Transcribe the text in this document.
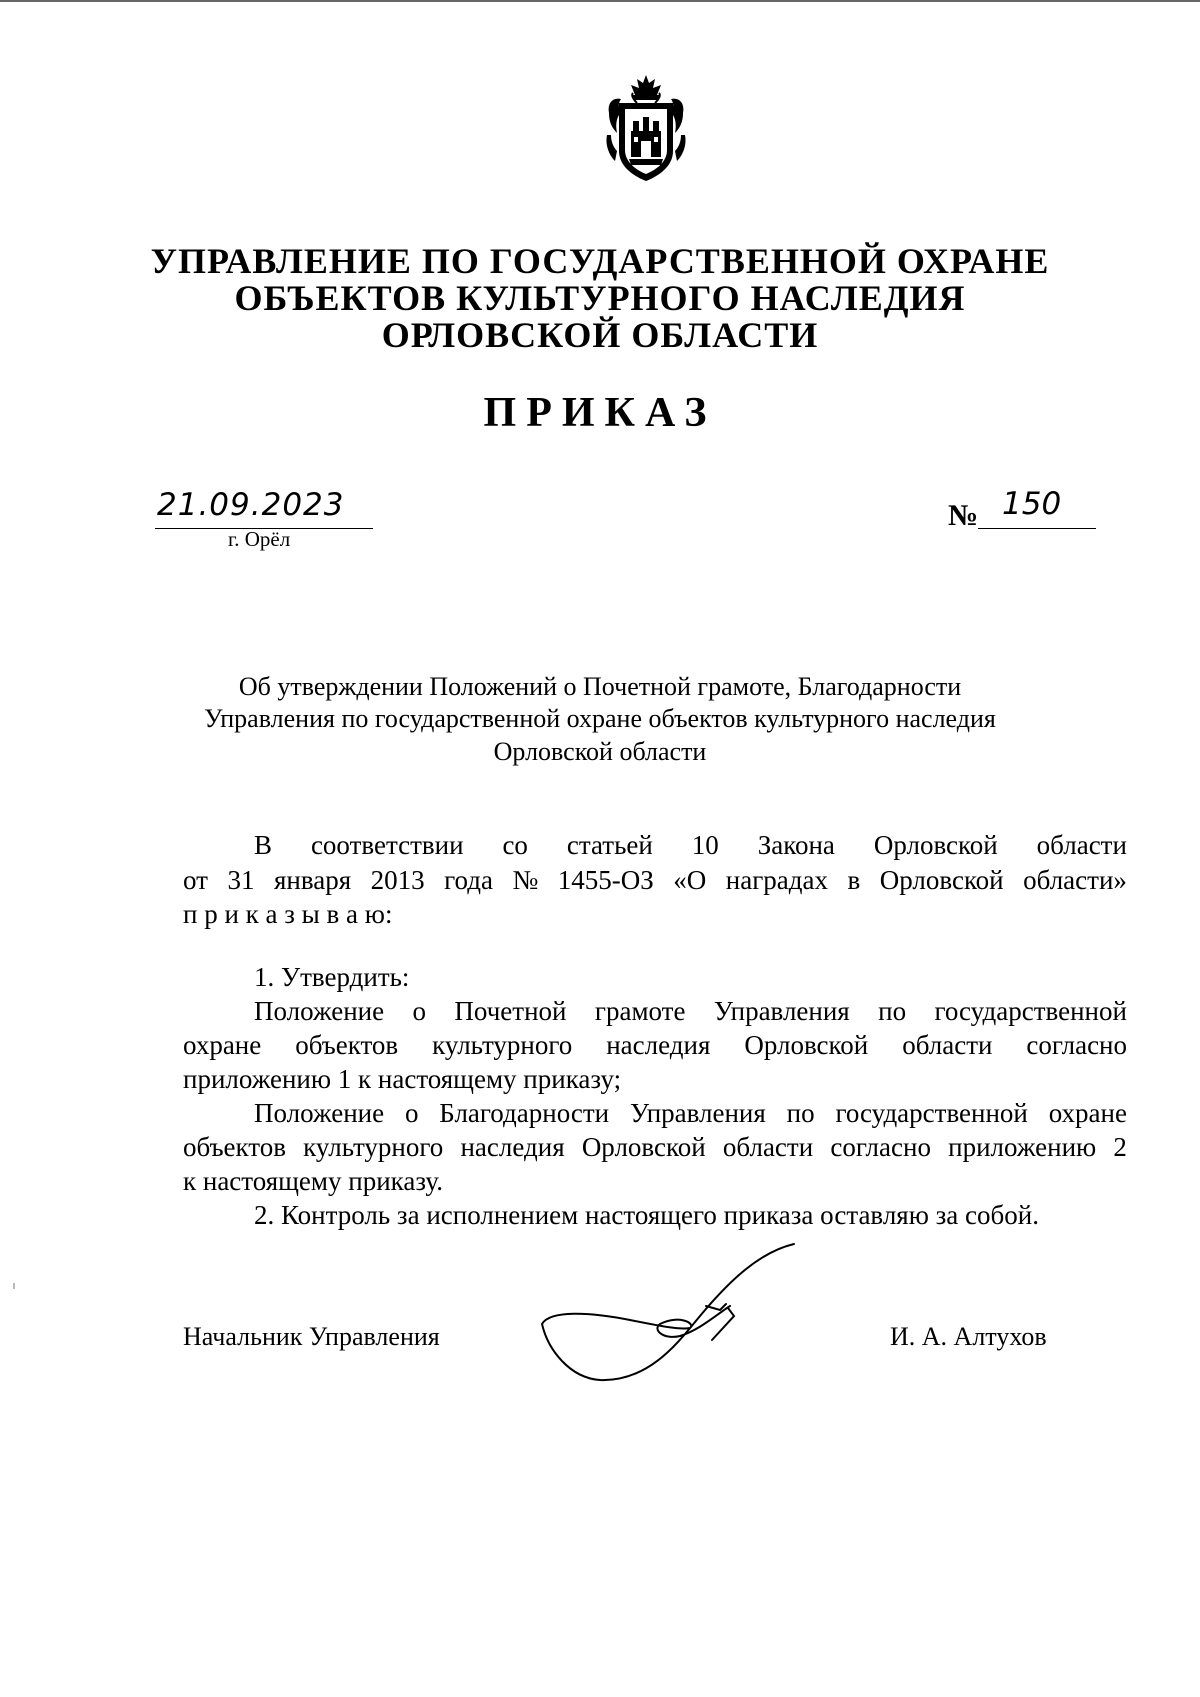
УПРАВЛЕНИЕ ПО ГОСУДАРСТВЕННОЙ ОХРАНЕ
ОБЪЕКТОВ КУЛЬТУРНОГО НАСЛЕДИЯ
ОРЛОВСКОЙ ОБЛАСТИ
ПРИКАЗ
21.09.2023
г. Орёл
№ 150
Об утверждении Положений о Почетной грамоте, Благодарности
Управления по государственной охране объектов культурного наследия
Орловской области
В соответствии со статьей 10 Закона Орловской области
от 31 января 2013 года № 1455-ОЗ «О наградах в Орловской области»
п р и к а з ы в а ю:
1. Утвердить:
Положение о Почетной грамоте Управления по государственной
охране объектов культурного наследия Орловской области согласно
приложению 1 к настоящему приказу;
Положение о Благодарности Управления по государственной охране
объектов культурного наследия Орловской области согласно приложению 2
к настоящему приказу.
2. Контроль за исполнением настоящего приказа оставляю за собой.
Начальник Управления	И. А. Алтухов
